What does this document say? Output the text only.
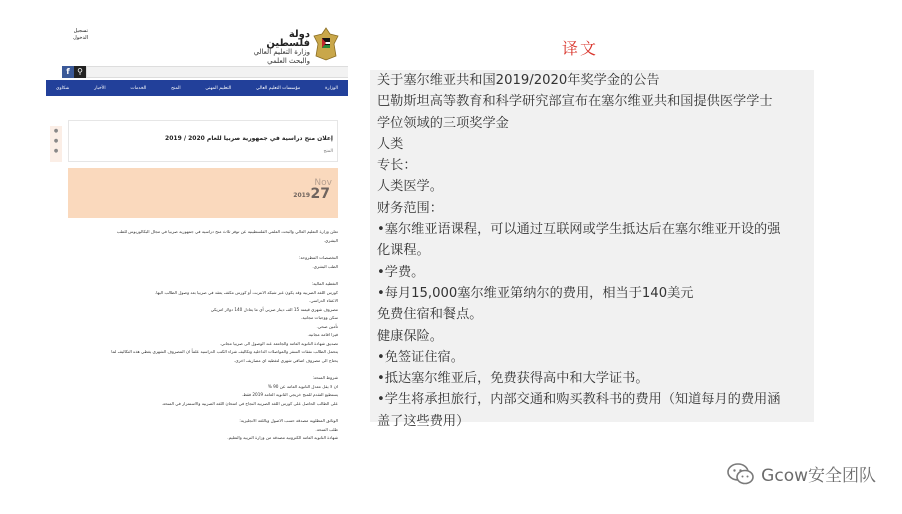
译文
تسجيل
الدخول	دولة فلسطين
وزارة التعليم العالي
والبحث العلمي
f ⚲
الوزارة
مؤسسات التعليم العالي
التعليم المهني
المنح
الخدمات
الأخبار
شكاوي
●
●
●
إعلان منح دراسية في جمهورية صربيا للعام 2020 / 2019
المنح
Nov
27
2019
تعلن وزارة التعليم العالي والبحث العلمي الفلسطينية عن توفر ثلاث منح دراسية في جمهورية صربيا في مجال البكالوريوس للطب
البشري.
التخصصات المطروحة:
الطب البشري.
التغطية المالية:
كورس اللغة الصربية وقد يكون عبر شبكة الانترنت أو كورس مكثف يعقد في صربيا بعد وصول الطالب اليها.
الاعفاء الدراسي.
مصروف شهري قيمته 15 الف دينار صربي أي ما يعادل 140 دولار امريكي
سكن ووجبات مجانية.
تأمين صحي.
فيزا اقامة مجانية.
تصديق شهادة الثانوية العامة والجامعة عند الوصول الى صربيا مجاني.
يتحمل الطالب نفقات السفر والمواصلات الداخلية وتكاليف شراء الكتب الدراسية علماً ان المصروف الشهري يغطي هذه التكاليف لما
يحتاج الى مصروف اضافي شهري لتغطية اي مصاريف اخرى.
شروط المنحة:
ان لا يقل معدل الثانوية العامة عن 90 %
يستطيع التقدم للمنح خريجي الثانوية العامة 2019 فقط.
على الطالب الحاصل على كورس اللغة الصربية النجاح في امتحان اللغة الصربية والاستمرار في المنحة.
الوثائق المطلوبة مصدقة حسب الاصول وباللغة الانجليزية:
طلب المنحة.
شهادة الثانوية العامة الكترونية مصدقة من وزارة التربية والتعليم.
关于塞尔维亚共和国2019/2020年奖学金的公告
巴勒斯坦高等教育和科学研究部宣布在塞尔维亚共和国提供医学学士
学位领域的三项奖学金
人类
专长：
人类医学。
财务范围：
•塞尔维亚语课程，可以通过互联网或学生抵达后在塞尔维亚开设的强
化课程。
•学费。
•每月15,000塞尔维亚第纳尔的费用，相当于140美元
免费住宿和餐点。
健康保险。
•免签证住宿。
•抵达塞尔维亚后，免费获得高中和大学证书。
•学生将承担旅行，内部交通和购买教科书的费用（知道每月的费用涵
盖了这些费用）
Gcow安全团队
